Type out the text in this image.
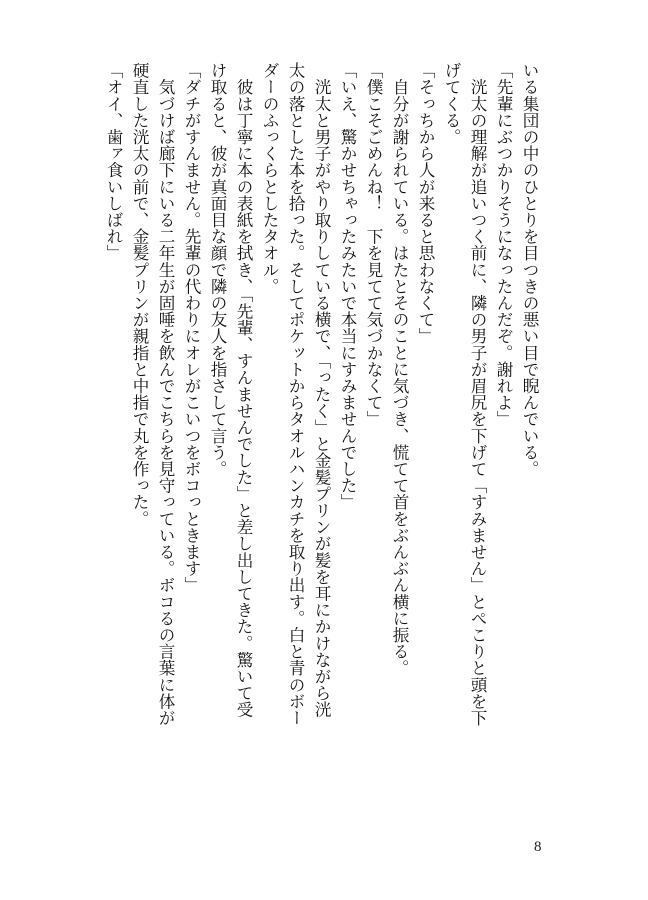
いる集団の中のひとりを目つきの悪い目で睨んでいる。
「先輩にぶつかりそうになったんだぞ。謝れよ」
　洸太の理解が追いつく前に、隣の男子が眉尻を下げて「すみません」とぺこりと頭を下
げてくる。
「そっちから人が来ると思わなくて」
　自分が謝られている。はたとそのことに気づき、慌てて首をぶんぶん横に振る。
「僕こそごめんね！　下を見てて気づかなくて」
「いえ、驚かせちゃったみたいで本当にすみませんでした」
　洸太と男子がやり取りしている横で、「ったく」と金髪プリンが髪を耳にかけながら洸
太の落とした本を拾った。そしてポケットからタオルハンカチを取り出す。白と青のボー
ダーのふっくらとしたタオル。
　彼は丁寧に本の表紙を拭き、「先輩、すんませんでした」と差し出してきた。驚いて受
け取ると、彼が真面目な顔で隣の友人を指さして言う。
「ダチがすんません。先輩の代わりにオレがこいつをボコっときます」
　気づけば廊下にいる二年生が固唾を飲んでこちらを見守っている。ボコるの言葉に体が
硬直した洸太の前で、金髪プリンが親指と中指で丸を作った。
「オイ、歯ァ食いしばれ」
8
